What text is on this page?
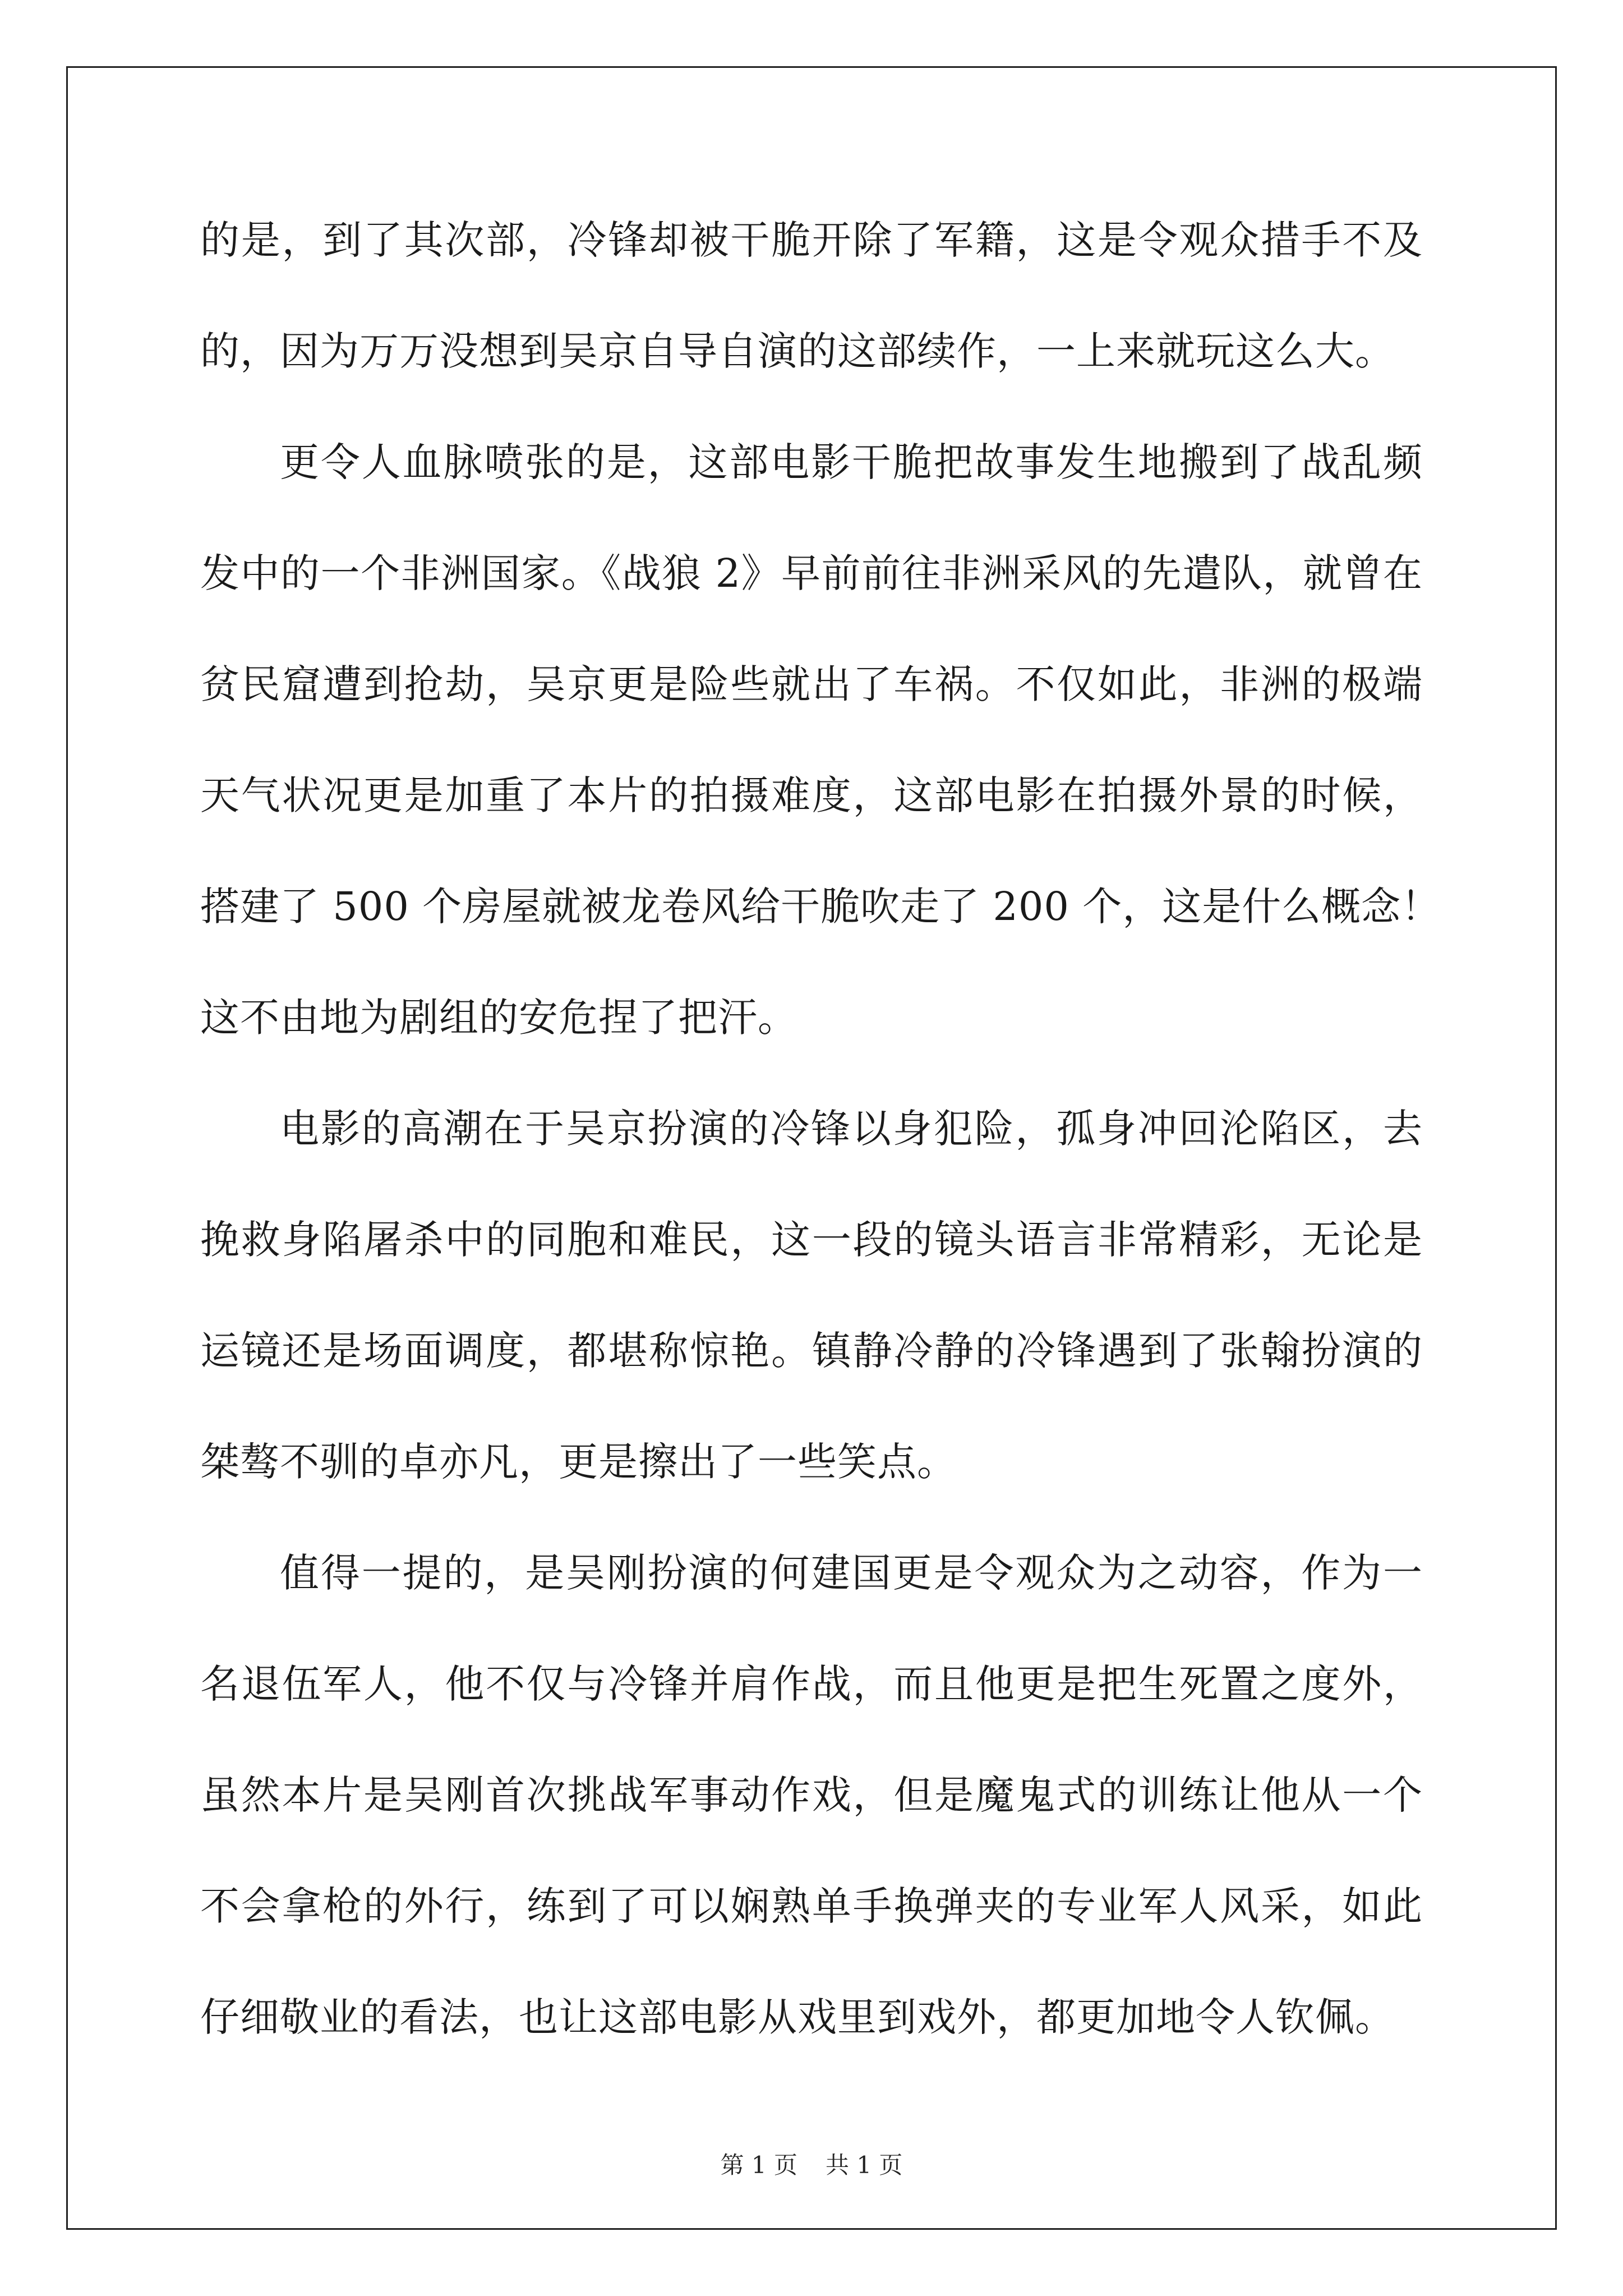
的是，到了其次部，冷锋却被干脆开除了军籍，这是令观众措手不及
的，因为万万没想到吴京自导自演的这部续作，一上来就玩这么大。
更令人血脉喷张的是，这部电影干脆把故事发生地搬到了战乱频
发中的一个非洲国家。《战狼 2》早前前往非洲采风的先遣队，就曾在
贫民窟遭到抢劫，吴京更是险些就出了车祸。不仅如此，非洲的极端
天气状况更是加重了本片的拍摄难度，这部电影在拍摄外景的时候，
搭建了 500 个房屋就被龙卷风给干脆吹走了 200 个，这是什么概念！
这不由地为剧组的安危捏了把汗。
电影的高潮在于吴京扮演的冷锋以身犯险，孤身冲回沦陷区，去
挽救身陷屠杀中的同胞和难民，这一段的镜头语言非常精彩，无论是
运镜还是场面调度，都堪称惊艳。镇静冷静的冷锋遇到了张翰扮演的
桀骜不驯的卓亦凡，更是擦出了一些笑点。
值得一提的，是吴刚扮演的何建国更是令观众为之动容，作为一
名退伍军人，他不仅与冷锋并肩作战，而且他更是把生死置之度外，
虽然本片是吴刚首次挑战军事动作戏，但是魔鬼式的训练让他从一个
不会拿枪的外行，练到了可以娴熟单手换弹夹的专业军人风采，如此
仔细敬业的看法，也让这部电影从戏里到戏外，都更加地令人钦佩。
第 1 页 共 1 页
